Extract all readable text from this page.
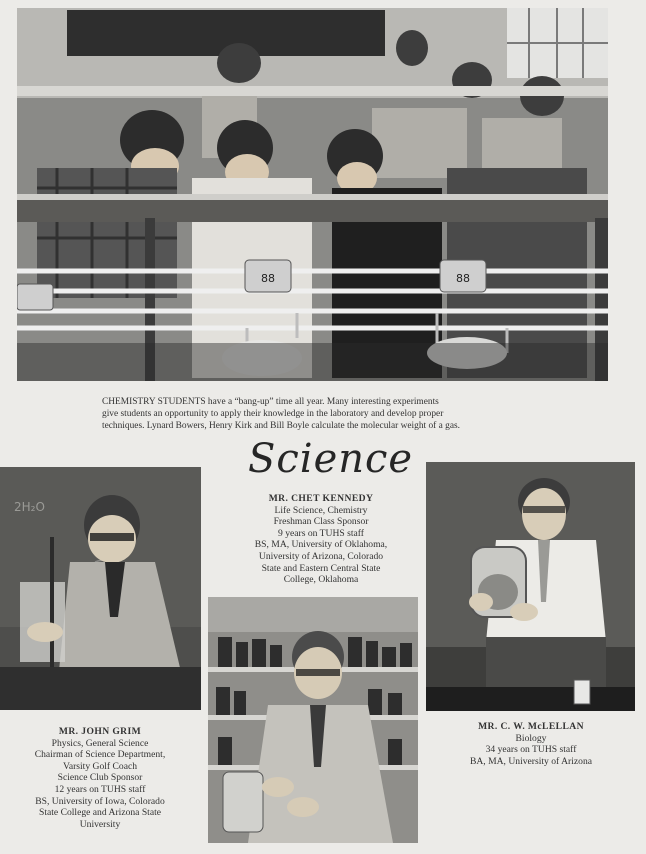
88	88
CHEMISTRY STUDENTS have a “bang-up” time all year. Many interesting experiments
give students an opportunity to apply their knowledge in the laboratory and develop proper
techniques. Lynard Bowers, Henry Kirk and Bill Boyle calculate the molecular weight of a gas.
Science
MR. CHET KENNEDY
Life Science, Chemistry
Freshman Class Sponsor
9 years on TUHS staff
BS, MA, University of Oklahoma,
University of Arizona, Colorado
State and Eastern Central State
College, Oklahoma
2H₂O
MR. JOHN GRIM
Physics, General Science
Chairman of Science Department,
Varsity Golf Coach
Science Club Sponsor
12 years on TUHS staff
BS, University of Iowa, Colorado
State College and Arizona State
University
MR. C. W. McLELLAN
Biology
34 years on TUHS staff
BA, MA, University of Arizona
